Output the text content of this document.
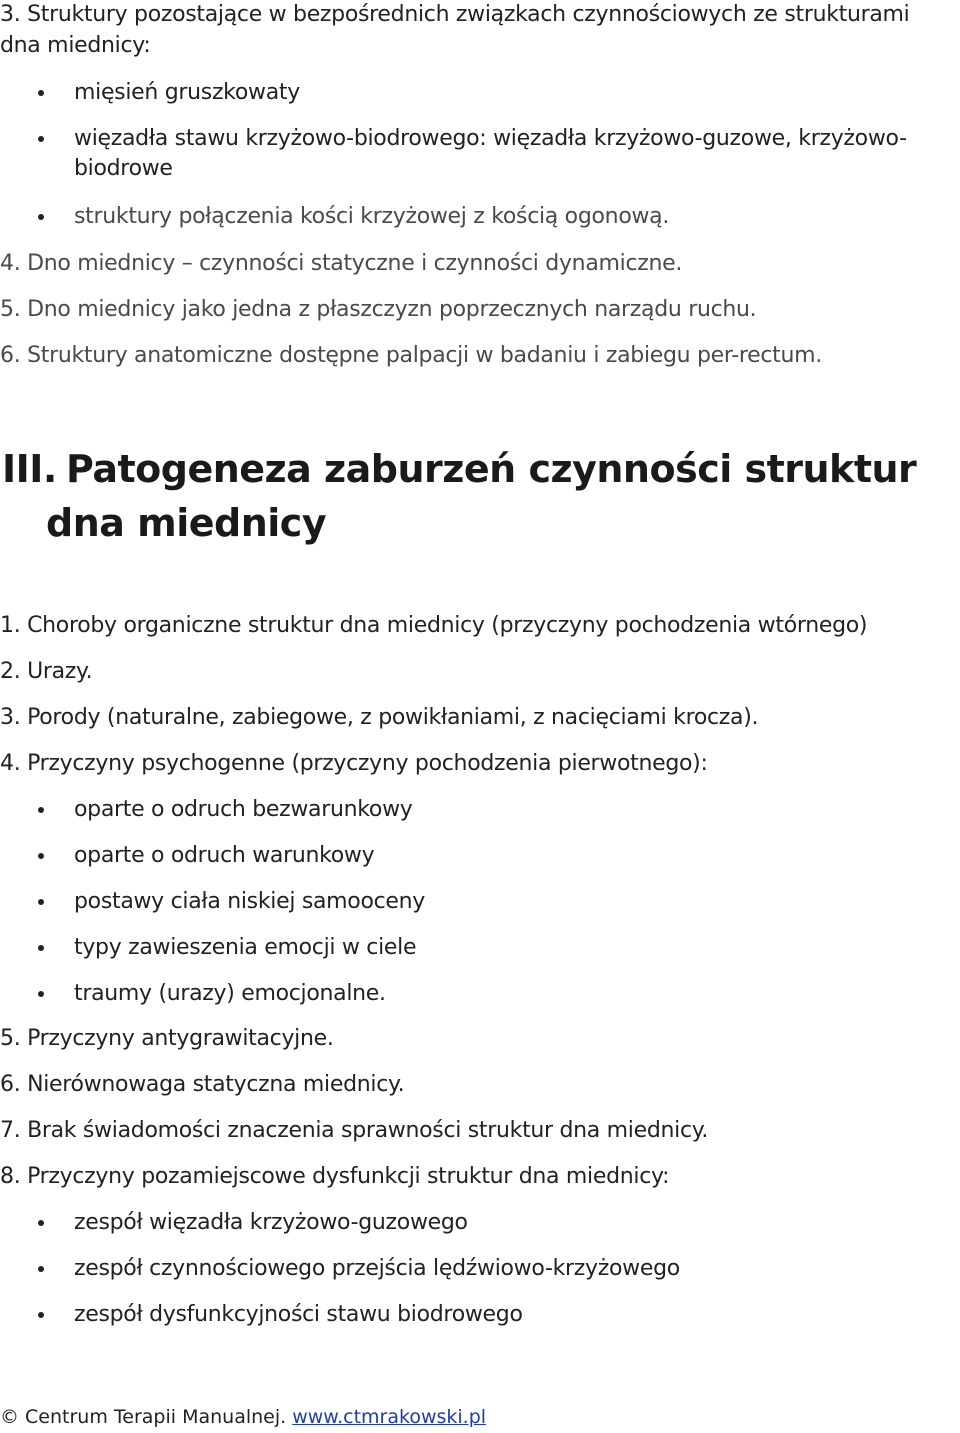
3. Struktury pozostające w bezpośrednich związkach czynnościowych ze strukturami
dna miednicy:
mięsień gruszkowaty
więzadła stawu krzyżowo-biodrowego: więzadła krzyżowo-guzowe, krzyżowo-biodrowe
struktury połączenia kości krzyżowej z kością ogonową.
4. Dno miednicy – czynności statyczne i czynności dynamiczne.
5. Dno miednicy jako jedna z płaszczyzn poprzecznych narządu ruchu.
6. Struktury anatomiczne dostępne palpacji w badaniu i zabiegu per-rectum.
III. Patogeneza zaburzeń czynności struktur dna miednicy
1. Choroby organiczne struktur dna miednicy (przyczyny pochodzenia wtórnego)
2. Urazy.
3. Porody (naturalne, zabiegowe, z powikłaniami, z nacięciami krocza).
4. Przyczyny psychogenne (przyczyny pochodzenia pierwotnego):
oparte o odruch bezwarunkowy
oparte o odruch warunkowy
postawy ciała niskiej samooceny
typy zawieszenia emocji w ciele
traumy (urazy) emocjonalne.
5. Przyczyny antygrawitacyjne.
6. Nierównowaga statyczna miednicy.
7. Brak świadomości znaczenia sprawności struktur dna miednicy.
8. Przyczyny pozamiejscowe dysfunkcji struktur dna miednicy:
zespół więzadła krzyżowo-guzowego
zespół czynnościowego przejścia lędźwiowo-krzyżowego
zespół dysfunkcyjności stawu biodrowego
© Centrum Terapii Manualnej. www.ctmrakowski.pl
